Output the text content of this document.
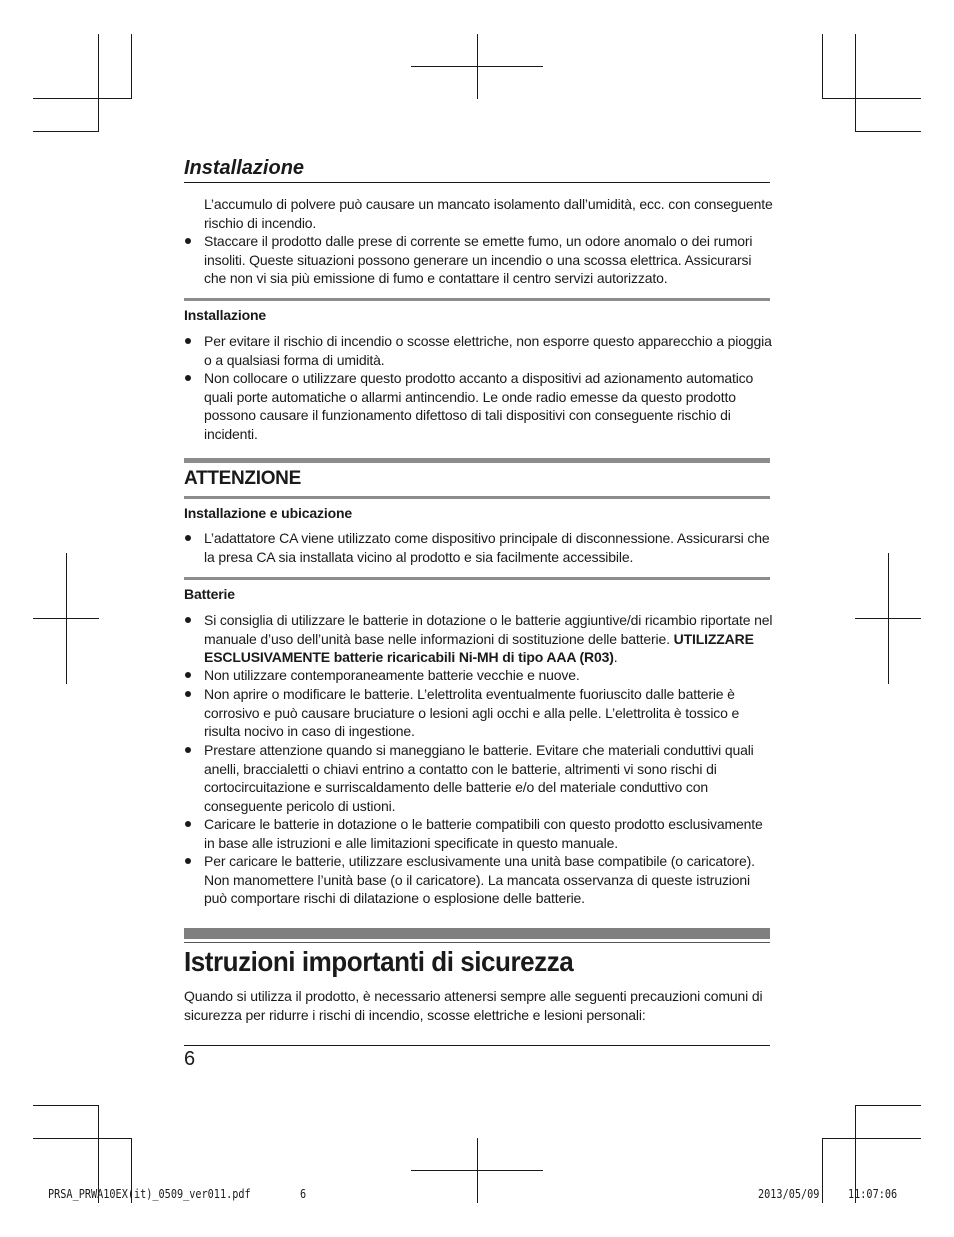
Installazione
L’accumulo di polvere può causare un mancato isolamento dall’umidità, ecc. con conseguente rischio di incendio.
Staccare il prodotto dalle prese di corrente se emette fumo, un odore anomalo o dei rumori insoliti. Queste situazioni possono generare un incendio o una scossa elettrica. Assicurarsi che non vi sia più emissione di fumo e contattare il centro servizi autorizzato.
Installazione
Per evitare il rischio di incendio o scosse elettriche, non esporre questo apparecchio a pioggia o a qualsiasi forma di umidità.
Non collocare o utilizzare questo prodotto accanto a dispositivi ad azionamento automatico quali porte automatiche o allarmi antincendio. Le onde radio emesse da questo prodotto possono causare il funzionamento difettoso di tali dispositivi con conseguente rischio di incidenti.
ATTENZIONE
Installazione e ubicazione
L’adattatore CA viene utilizzato come dispositivo principale di disconnessione. Assicurarsi che la presa CA sia installata vicino al prodotto e sia facilmente accessibile.
Batterie
Si consiglia di utilizzare le batterie in dotazione o le batterie aggiuntive/di ricambio riportate nel manuale d’uso dell’unità base nelle informazioni di sostituzione delle batterie. UTILIZZARE ESCLUSIVAMENTE batterie ricaricabili Ni-MH di tipo AAA (R03).
Non utilizzare contemporaneamente batterie vecchie e nuove.
Non aprire o modificare le batterie. L’elettrolita eventualmente fuoriuscito dalle batterie è corrosivo e può causare bruciature o lesioni agli occhi e alla pelle. L’elettrolita è tossico e risulta nocivo in caso di ingestione.
Prestare attenzione quando si maneggiano le batterie. Evitare che materiali conduttivi quali anelli, braccialetti o chiavi entrino a contatto con le batterie, altrimenti vi sono rischi di cortocircuitazione e surriscaldamento delle batterie e/o del materiale conduttivo con conseguente pericolo di ustioni.
Caricare le batterie in dotazione o le batterie compatibili con questo prodotto esclusivamente in base alle istruzioni e alle limitazioni specificate in questo manuale.
Per caricare le batterie, utilizzare esclusivamente una unità base compatibile (o caricatore). Non manomettere l’unità base (o il caricatore). La mancata osservanza di queste istruzioni può comportare rischi di dilatazione o esplosione delle batterie.
Istruzioni importanti di sicurezza
Quando si utilizza il prodotto, è necessario attenersi sempre alle seguenti precauzioni comuni di sicurezza per ridurre i rischi di incendio, scosse elettriche e lesioni personali:
6
PRSA_PRWA10EX(it)_0509_ver011.pdf	6	2013/05/09 11:07:06
